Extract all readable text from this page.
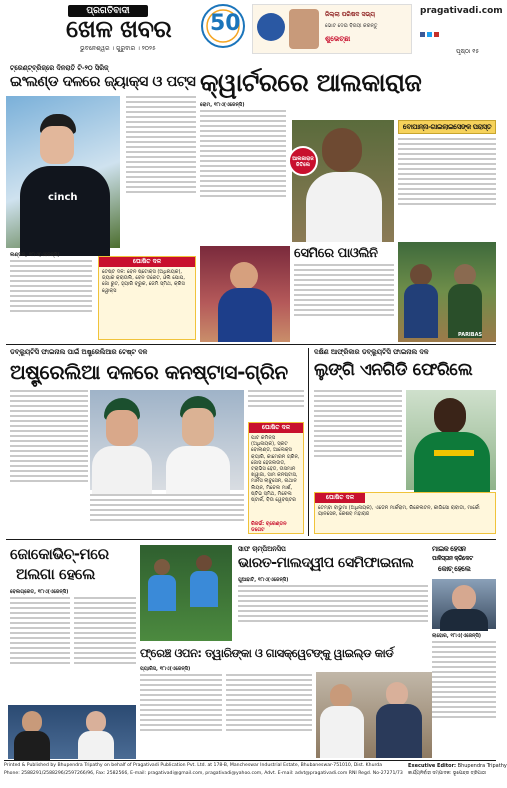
ପ୍ରଗତିବାଦୀ
ଖେଳ ଖବର
ଭୁବନେଶ୍ୱର । ଗୁରୁବାର । ୨୦୨୫
50	ଜିଲ୍ଲା ପରିଷଦ ସଭ୍ୟ
ଭୋଟ ଦେଇ ବିଜୟୀ କରନ୍ତୁ
ଶୁଭେଚ୍ଛା
pragativadi.com
ପୃଷ୍ଠା ୧୫
ଟ୍ରେଣ୍ଟ୍‌ବ୍ରିଜ୍‌ରେ ଦିନରାତି ଟି-୨୦ ସିରିଜ୍
ଇଂଲଣ୍ଡ ଦଳରେ ଜ୍ୟାକ୍ସ ଓ ପଟ୍ସ
cinch
ଲଣ୍ଡନ, ୧୮ାଏ(ଏଜେନ୍ସି)
ଘୋଷିତ ଦଳ
ଟେଷ୍ଟ ଦଳ: ବେନ ଷ୍ଟୋକ୍ସ (ଅଧିନାୟକ), ଜ୍ୟାକ କ୍ରାଉଲି, ବେନ ଡକେଟ, ଓଲି ପୋପ, ଜୋ ରୁଟ, ହ୍ୟାରି ବ୍ରୁକ, ଜେମି ସ୍ମିଥ, କ୍ରିସ ୱୋକ୍ସ
କ୍ୱାର୍ଟରରେ ଆଲକାରାଜ
ରୋମ, ୧୮ାଏ(ଏଜେନ୍ସି)
ଆଲକାରାଜ ଜିତିଲେ
ବୋପାନ୍ନା-ଗାଇଲାଇସେଙ୍କ ପରାସ୍ତ
ସେମିରେ ପାଓଲିନି
PARIBAS
ଡବ୍ଲ୍ୟୁଟିସି ଫାଇନାଲ ପାଇଁ ଅଷ୍ଟ୍ରେଲିଆର ଟେଷ୍ଟ ଦଳ
ଅଷ୍ଟ୍ରେଲିଆ ଦଳରେ କନଷ୍ଟାସ-ଗ୍ରିନ
ଘୋଷିତ ଦଳ
ପାଟ କମିନ୍ସ (ଅଧିନାୟକ), ସ୍କଟ ବୋଲାଣ୍ଡ, ଆଲେକ୍ସ କ୍ୟାରି, କାମେରନ ଗ୍ରିନ, ଜୋସ ହେଜଲଉଡ, ଟ୍ରାଭିସ ହେଡ, ଉସମାନ ଖ୍ୱାଜା, ସାମ କନଷ୍ଟାସ, ମାର୍ନସ ଲାବୁସେନ, ନାଥାନ ଲିୟନ, ମିଚେଲ ମାର୍ଶ, ଷ୍ଟିଭ ସ୍ମିଥ, ମିଚେଲ ଷ୍ଟାର୍କ, ବିଉ ୱେବଷ୍ଟର
ରିଜର୍ଭ: ବ୍ରେଣ୍ଡନ ଡଗେଟ
ଦକ୍ଷିଣ ଆଫ୍ରିକାର ଡବ୍ଲ୍ୟୁଟିସି ଫାଇନାଲ ଦଳ
ଲୁଙ୍ଗି ଏନଗିଡି ଫେରିଲେ
ଘୋଷିତ ଦଳ
ଟେମ୍ବା ବାଭୁମା (ଅଧିନାୟକ), ଏଡେନ ମାର୍କରାମ, ରିକେଲଟନ, କାଗିସୋ ରାବାଡା, ମାର୍କୋ ୟାନସେନ, କେଶବ ମହାରାଜ
ଜୋକୋଭିଚ୍‌-ମରେ
ଅଲଗା ହେଲେ
ବେଲଗ୍ରେଡ, ୧୮ାଏ(ଏଜେନ୍ସି)
ସାଫ ଚାମ୍ପିଅନସିପ
ଭାରତ-ମାଲଦ୍ୱୀପ ସେମିଫାଇନାଲ
ଗୁଆହାଟି, ୧୮ାଏ(ଏଜେନ୍ସି)
ଫ୍ରେଞ୍ଚ ଓପନ: ତ୍ୱାରିଙ୍କା ଓ ଗାସକ୍ୱେଟଙ୍କୁ ୱାଇଲ୍ଡ କାର୍ଡ
ପ୍ୟାରିସ, ୧୮ାଏ(ଏଜେନ୍ସି)
ମାଇକ ହେସନ
ପାକିସ୍ତାନ କ୍ରିକେଟ
କୋଚ୍ ହେଲେ
ଲାହୋର, ୧୮ାଏ(ଏଜେନ୍ସି)
Printed & Published by Bhupendra Tripathy on behalf of Pragativadi Publication Pvt. Ltd. at 178-B, Mancheswar Industrial Estate, Bhubaneswar-751010, Dist. Khurda
Phone: 2588291/2588296/2597266/96, Fax: 2582566, E-mail: pragativadi@gmail.com, pragativadi@yahoo.com, Advt. E-mail: advt@pragativadi.com RNI Regd. No-27271/73
Executive Editor: Bhupendra Tripathy
କାର୍ଯ୍ୟନିର୍ବାହୀ ସମ୍ପାଦକ: ଭୂପେନ୍ଦ୍ର ତ୍ରିପାଠୀ
